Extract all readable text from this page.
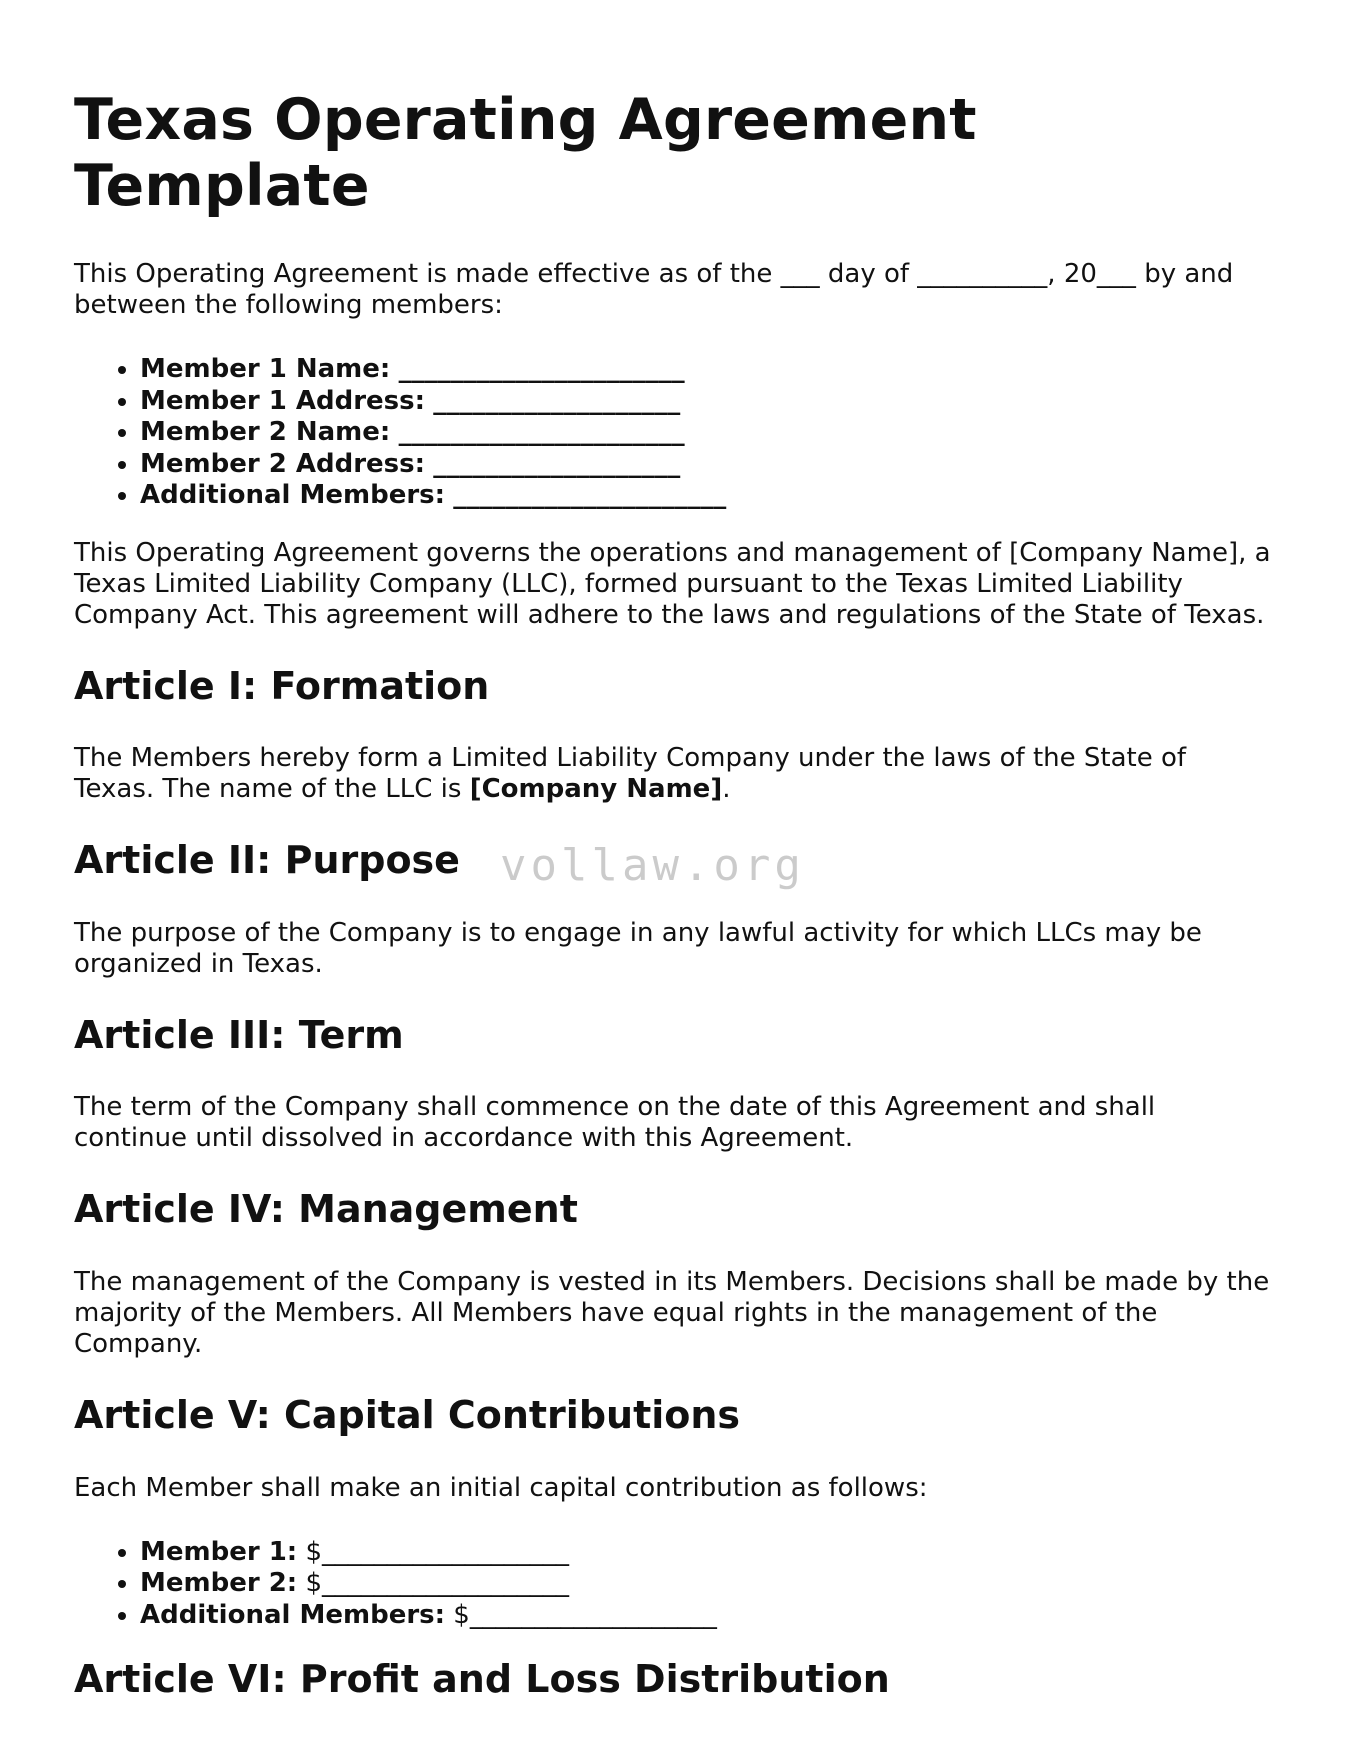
Texas Operating Agreement Template

This Operating Agreement is made effective as of the ___ day of __________, 20___ by and between the following members:

• Member 1 Name: ______________________
• Member 1 Address: ___________________
• Member 2 Name: ______________________
• Member 2 Address: ___________________
• Additional Members: _____________________

This Operating Agreement governs the operations and management of [Company Name], a Texas Limited Liability Company (LLC), formed pursuant to the Texas Limited Liability Company Act. This agreement will adhere to the laws and regulations of the State of Texas.

Article I: Formation

The Members hereby form a Limited Liability Company under the laws of the State of Texas. The name of the LLC is [Company Name].

Article II: Purpose

The purpose of the Company is to engage in any lawful activity for which LLCs may be organized in Texas.

Article III: Term

The term of the Company shall commence on the date of this Agreement and shall continue until dissolved in accordance with this Agreement.

Article IV: Management

The management of the Company is vested in its Members. Decisions shall be made by the majority of the Members. All Members have equal rights in the management of the Company.

Article V: Capital Contributions

Each Member shall make an initial capital contribution as follows:

• Member 1: $___________________
• Member 2: $___________________
• Additional Members: $___________________
Article VI: Profit and Loss Distribution
vollaw.org
